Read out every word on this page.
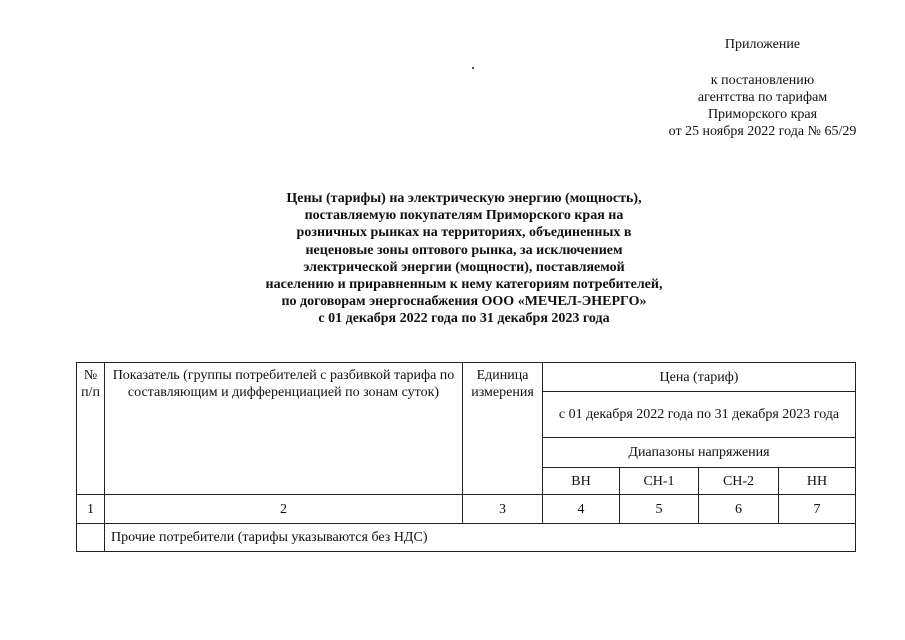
Приложение
к постановлению
агентства по тарифам
Приморского края
от 25 ноября 2022 года № 65/29
Цены (тарифы) на электрическую энергию (мощность),
поставляемую покупателям Приморского края на
розничных рынках на территориях, объединенных в
неценовые зоны оптового рынка, за исключением
электрической энергии (мощности), поставляемой
населению и приравненным к нему категориям потребителей,
по договорам энергоснабжения ООО «МЕЧЕЛ-ЭНЕРГО»
с 01 декабря 2022 года по 31 декабря 2023 года
№ п/п	Показатель (группы потребителей с разбивкой тарифа по составляющим и дифференциацией по зонам суток)	Единица измерения	Цена (тариф)			
			с 01 декабря 2022 года по 31 декабря 2023 года			
			Диапазоны напряжения			
			ВН	СН-1	СН-2	НН
1	2	3	4	5	6	7
	Прочие потребители (тарифы указываются без НДС)					
